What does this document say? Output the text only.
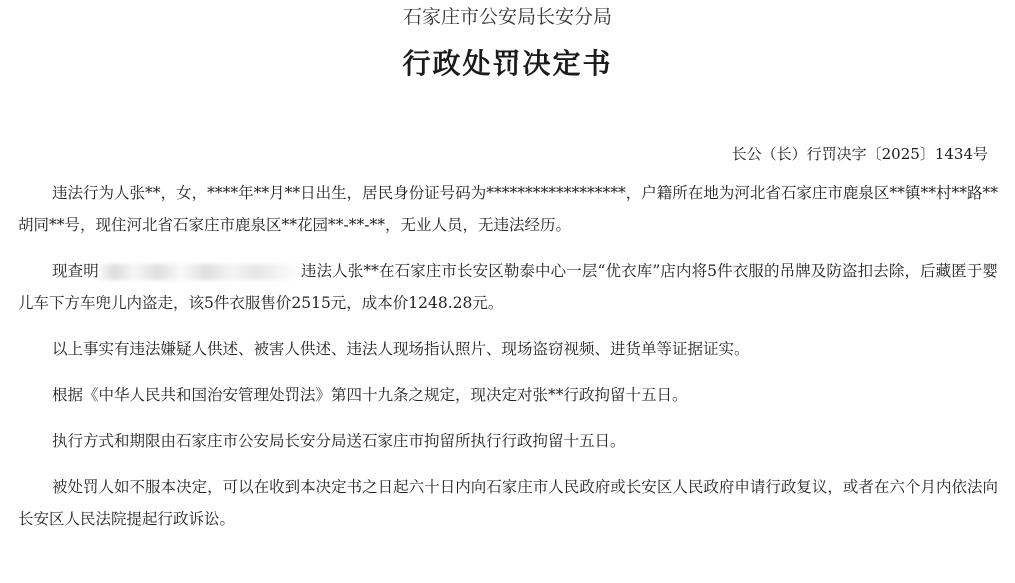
石家庄市公安局长安分局
行政处罚决定书
长公（长）行罚决字〔2025〕1434号

违法行为人张**，女，****年**月**日出生，居民身份证号码为******************，户籍所在地为河北省石家庄市鹿泉区**镇**村**路**胡同**号，现住河北省石家庄市鹿泉区**花园**-**-**，无业人员，无违法经历。

现查明	违法人张**在石家庄市长安区勒泰中心一层“优衣库”店内将5件衣服的吊牌及防盗扣去除，后藏匿于婴儿车下方车兜儿内盗走，该5件衣服售价2515元，成本价1248.28元。

以上事实有违法嫌疑人供述、被害人供述、违法人现场指认照片、现场盗窃视频、进货单等证据证实。

根据《中华人民共和国治安管理处罚法》第四十九条之规定，现决定对张**行政拘留十五日。

执行方式和期限由石家庄市公安局长安分局送石家庄市拘留所执行行政拘留十五日。

被处罚人如不服本决定，可以在收到本决定书之日起六十日内向石家庄市人民政府或长安区人民政府申请行政复议，或者在六个月内依法向长安区人民法院提起行政诉讼。
